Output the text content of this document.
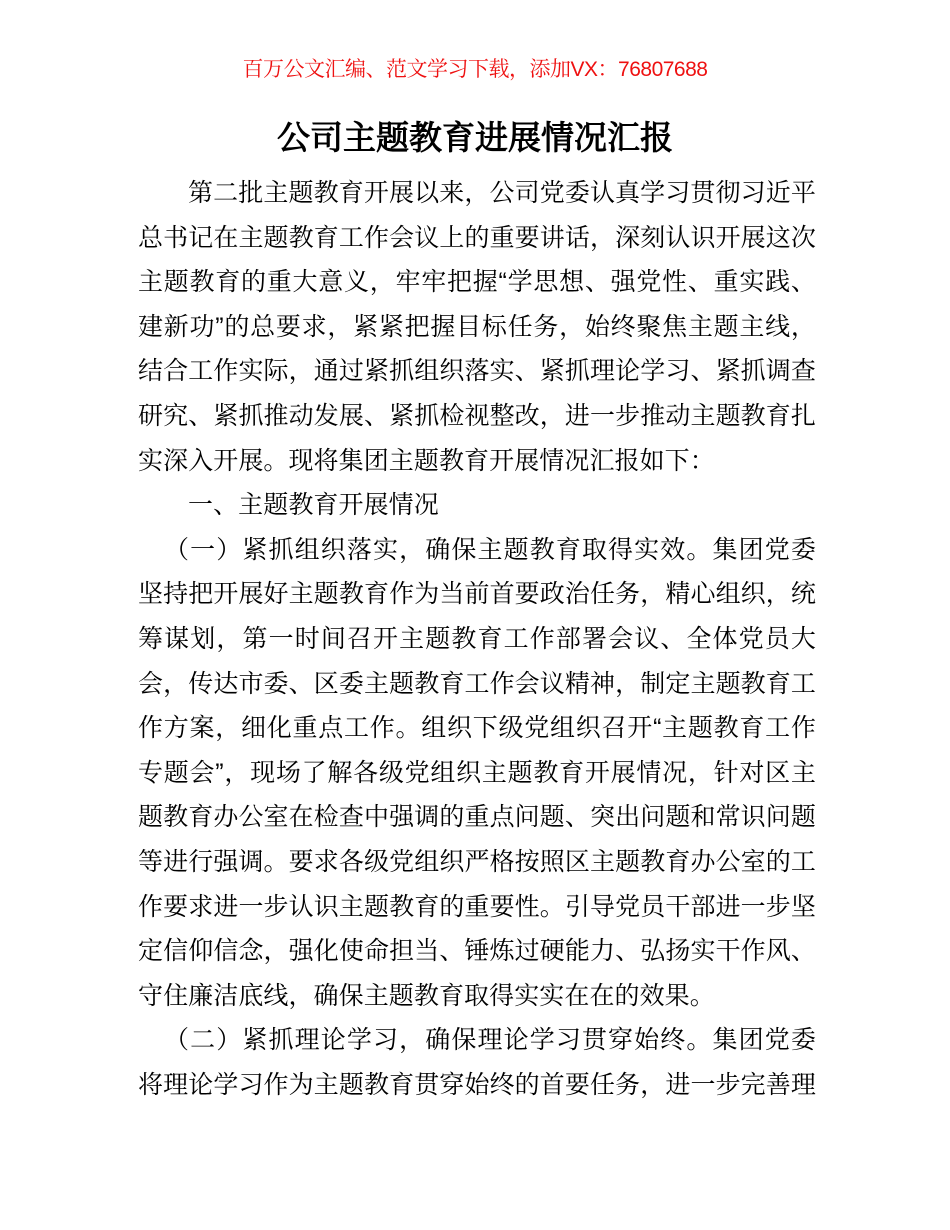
百万公文汇编、范文学习下载，添加VX：76807688
公司主题教育进展情况汇报
第二批主题教育开展以来，公司党委认真学习贯彻习近平
总书记在主题教育工作会议上的重要讲话，深刻认识开展这次
主题教育的重大意义，牢牢把握“学思想、强党性、重实践、
建新功”的总要求，紧紧把握目标任务，始终聚焦主题主线，
结合工作实际，通过紧抓组织落实、紧抓理论学习、紧抓调查
研究、紧抓推动发展、紧抓检视整改，进一步推动主题教育扎
实深入开展。现将集团主题教育开展情况汇报如下：
一、主题教育开展情况
（一）紧抓组织落实，确保主题教育取得实效。集团党委
坚持把开展好主题教育作为当前首要政治任务，精心组织，统
筹谋划，第一时间召开主题教育工作部署会议、全体党员大
会，传达市委、区委主题教育工作会议精神，制定主题教育工
作方案，细化重点工作。组织下级党组织召开“主题教育工作
专题会”，现场了解各级党组织主题教育开展情况，针对区主
题教育办公室在检查中强调的重点问题、突出问题和常识问题
等进行强调。要求各级党组织严格按照区主题教育办公室的工
作要求进一步认识主题教育的重要性。引导党员干部进一步坚
定信仰信念，强化使命担当、锤炼过硬能力、弘扬实干作风、
守住廉洁底线，确保主题教育取得实实在在的效果。
（二）紧抓理论学习，确保理论学习贯穿始终。集团党委
将理论学习作为主题教育贯穿始终的首要任务，进一步完善理
